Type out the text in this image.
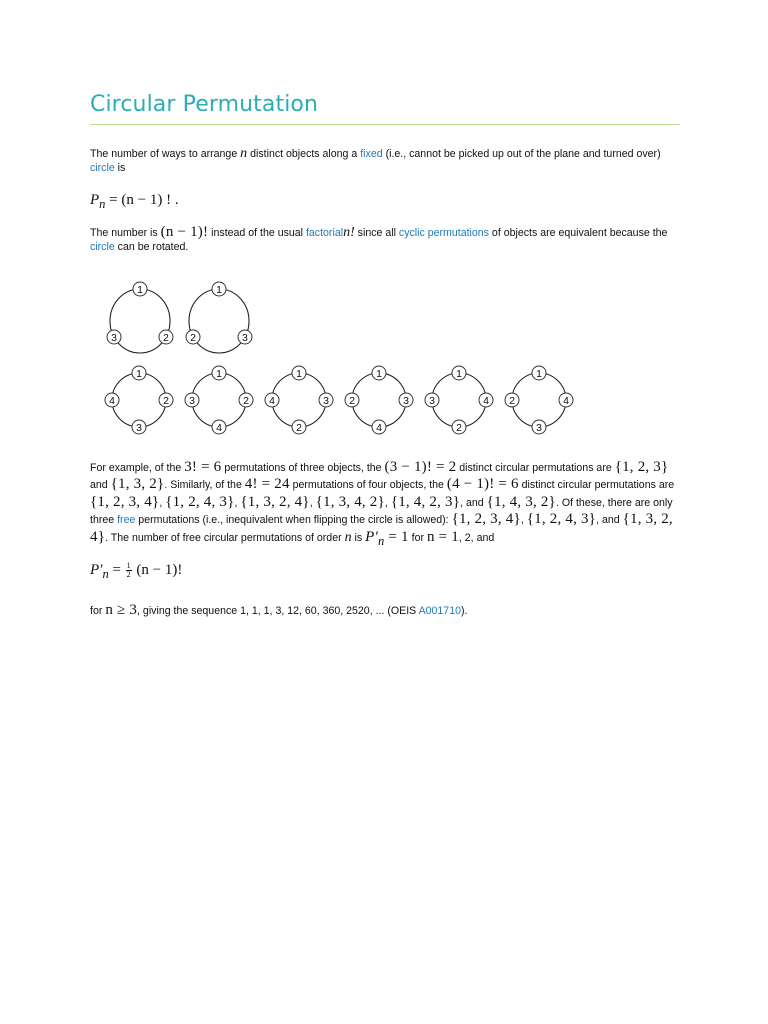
Circular Permutation

The number of ways to arrange n distinct objects along a fixed (i.e., cannot be picked up out of the plane and turned over) circle is

$P_n = (n - 1)$ ! .

The number is (n − 1)! instead of the usual factorialn! since all cyclic permutations of objects are equivalent because the circle can be rotated.

1
2
3
1
3
2
1
2
3
4
1
2
4
3
1
3
2
4
1
3
4
2
1
4
2
3
1
4
3
2

For example, of the 3! = 6 permutations of three objects, the (3 − 1)! = 2 distinct circular permutations are {1, 2, 3} and {1, 3, 2}. Similarly, of the 4! = 24 permutations of four objects, the (4 − 1)! = 6 distinct circular permutations are {1, 2, 3, 4}, {1, 2, 4, 3}, {1, 3, 2, 4}, {1, 3, 4, 2}, {1, 4, 2, 3}, and {1, 4, 3, 2}. Of these, there are only three free permutations (i.e., inequivalent when flipping the circle is allowed): {1, 2, 3, 4}, {1, 2, 4, 3}, and {1, 3, 2, 4}. The number of free circular permutations of order n is $P'_n = 1$ for n = 1, 2, and

$P'_n = \frac{1}{2} (n - 1)$!

for n ≥ 3, giving the sequence 1, 1, 1, 3, 12, 60, 360, 2520, ... (OEIS A001710).
